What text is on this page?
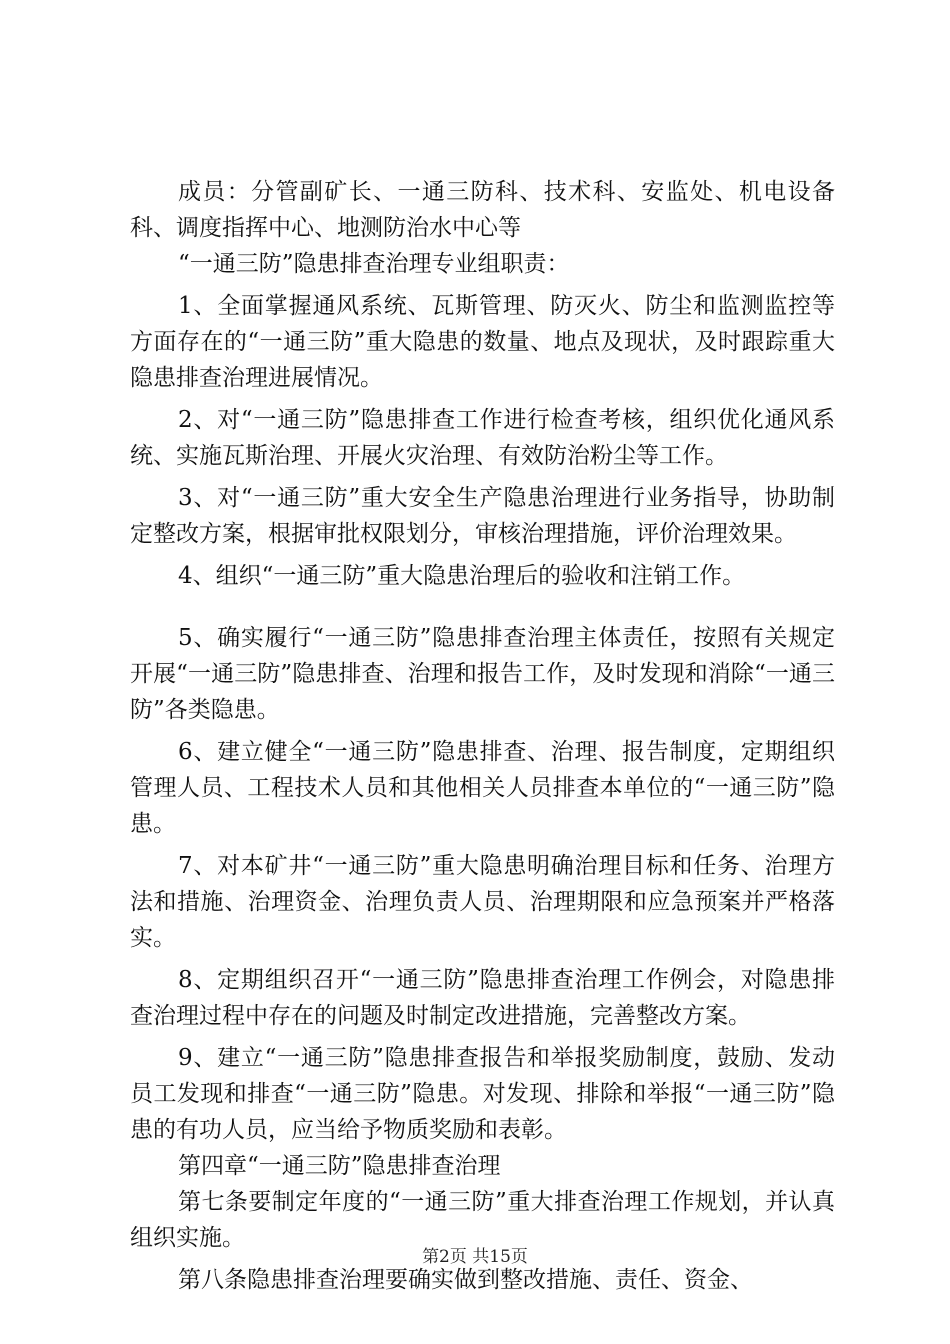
成员：分管副矿长、一通三防科、技术科、安监处、机电设备科、调度指挥中心、地测防治水中心等

“一通三防”隐患排查治理专业组职责：

1、全面掌握通风系统、瓦斯管理、防灭火、防尘和监测监控等方面存在的“一通三防”重大隐患的数量、地点及现状，及时跟踪重大隐患排查治理进展情况。

2、对“一通三防”隐患排查工作进行检查考核，组织优化通风系统、实施瓦斯治理、开展火灾治理、有效防治粉尘等工作。

3、对“一通三防”重大安全生产隐患治理进行业务指导，协助制定整改方案，根据审批权限划分，审核治理措施，评价治理效果。

4、组织“一通三防”重大隐患治理后的验收和注销工作。

5、确实履行“一通三防”隐患排查治理主体责任，按照有关规定开展“一通三防”隐患排查、治理和报告工作，及时发现和消除“一通三防”各类隐患。

6、建立健全“一通三防”隐患排查、治理、报告制度，定期组织管理人员、工程技术人员和其他相关人员排查本单位的“一通三防”隐患。

7、对本矿井“一通三防”重大隐患明确治理目标和任务、治理方法和措施、治理资金、治理负责人员、治理期限和应急预案并严格落实。

8、定期组织召开“一通三防”隐患排查治理工作例会，对隐患排查治理过程中存在的问题及时制定改进措施，完善整改方案。

9、建立“一通三防”隐患排查报告和举报奖励制度，鼓励、发动员工发现和排查“一通三防”隐患。对发现、排除和举报“一通三防”隐患的有功人员，应当给予物质奖励和表彰。

第四章“一通三防”隐患排查治理

第七条要制定年度的“一通三防”重大排查治理工作规划，并认真组织实施。

第八条隐患排查治理要确实做到整改措施、责任、资金、

第2页 共15页
